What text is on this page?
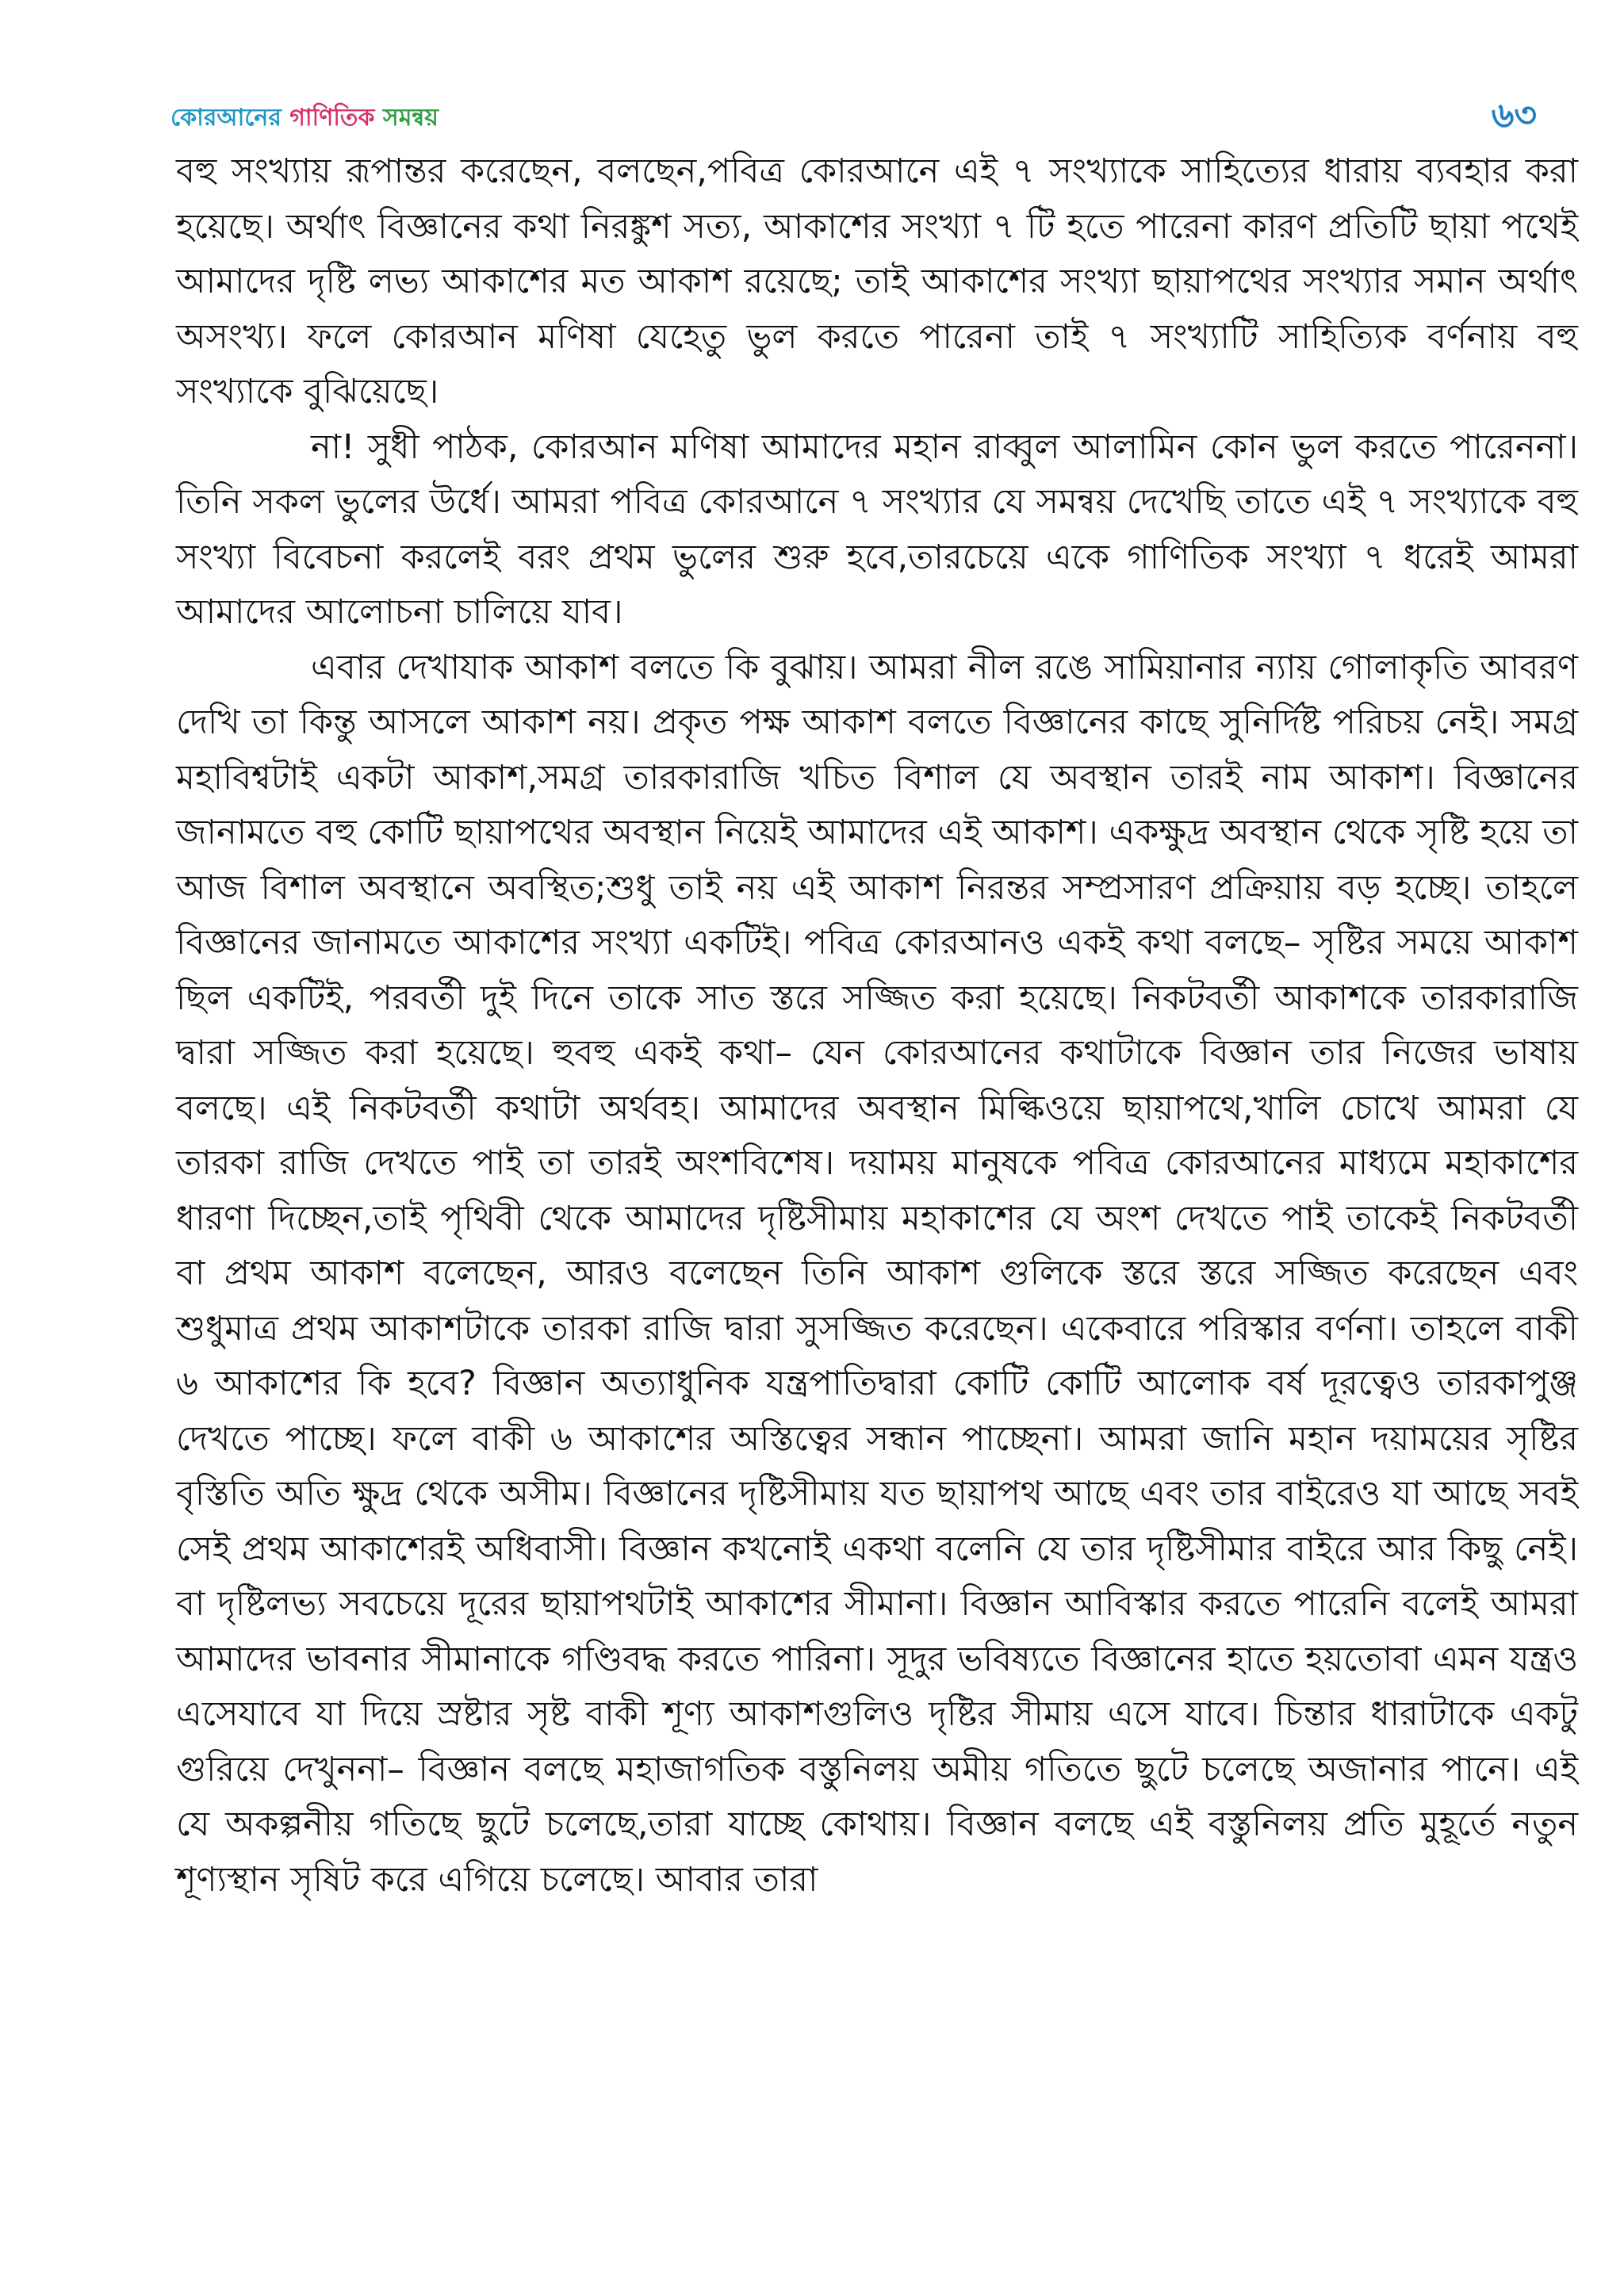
কোরআনের গাণিতিক সমন্বয়	৬৩

বহু সংখ্যায় রূপান্তর করেছেন, বলছেন,পবিত্র কোরআনে এই ৭ সংখ্যাকে সাহিত্যের ধারায় ব্যবহার করা হয়েছে। অর্থাৎ বিজ্ঞানের কথা নিরঙ্কুশ সত্য, আকাশের সংখ্যা ৭ টি হতে পারেনা কারণ প্রতিটি ছায়া পথেই আমাদের দৃষ্টি লভ্য আকাশের মত আকাশ রয়েছে; তাই আকাশের সংখ্যা ছায়াপথের সংখ্যার সমান অর্থাৎ অসংখ্য। ফলে কোরআন মণিষা যেহেতু ভুল করতে পারেনা তাই ৭ সংখ্যাটি সাহিত্যিক বর্ণনায় বহু সংখ্যাকে বুঝিয়েছে।

না! সুধী পাঠক, কোরআন মণিষা আমাদের মহান রাব্বুল আলামিন কোন ভুল করতে পারেননা। তিনি সকল ভুলের উর্ধে। আমরা পবিত্র কোরআনে ৭ সংখ্যার যে সমন্বয় দেখেছি তাতে এই ৭ সংখ্যাকে বহু সংখ্যা বিবেচনা করলেই বরং প্রথম ভুলের শুরু হবে,তারচেয়ে একে গাণিতিক সংখ্যা ৭ ধরেই আমরা আমাদের আলোচনা চালিয়ে যাব।

এবার দেখাযাক আকাশ বলতে কি বুঝায়। আমরা নীল রঙে সামিয়ানার ন্যায় গোলাকৃতি আবরণ দেখি তা কিন্তু আসলে আকাশ নয়। প্রকৃত পক্ষ আকাশ বলতে বিজ্ঞানের কাছে সুনির্দিষ্ট পরিচয় নেই। সমগ্র মহাবিশ্বটাই একটা আকাশ,সমগ্র তারকারাজি খচিত বিশাল যে অবস্থান তারই নাম আকাশ। বিজ্ঞানের জানামতে বহু কোটি ছায়াপথের অবস্থান নিয়েই আমাদের এই আকাশ। একক্ষুদ্র ‌অবস্থান থেকে সৃষ্টি হয়ে তা আজ বিশাল অবস্থানে অবস্থিত;শুধু তাই নয় এই আকাশ নিরন্তর সম্প্রসারণ প্রক্রিয়ায় বড় হচ্ছে। তাহলে বিজ্ঞানের জানামতে আকাশের সংখ্যা একটিই। পবিত্র কোরআনও একই কথা বলছে– সৃষ্টির সময়ে আকাশ ছিল একটিই, পরবর্তী দুই দিনে তাকে সাত স্তরে সজ্জিত করা হয়েছে। নিকটবর্তী আকাশকে তারকারাজি দ্বারা সজ্জিত করা হয়েছে। হুবহু একই কথা– যেন কোরআনের কথাটাকে বিজ্ঞান তার নিজের ভাষায় বলছে। এই নিকটবর্তী কথাটা অর্থবহ। আমাদের অবস্থান মিল্কিওয়ে ছায়াপথে,খালি চোখে আমরা যে তারকা রাজি দেখতে পাই তা তারই অংশবিশেষ। দয়াময় মানুষকে পবিত্র কোরআনের মাধ্যমে মহাকাশের ধারণা দিচ্ছেন,তাই পৃথিবী থেকে আমাদের দৃষ্টিসীমায় মহাকাশের যে অংশ দেখতে পাই তাকেই নিকটবর্তী বা প্রথম আকাশ বলেছেন, আরও বলেছেন তিনি আকাশ গুলিকে স্তরে স্তরে সজ্জিত করেছেন এবং শুধুমাত্র প্রথম আকাশটাকে তারকা রাজি দ্বারা সুসজ্জিত করেছেন। একেবারে পরিস্কার বর্ণনা। তাহলে বাকী ৬ আকাশের কি হবে? বিজ্ঞান অত্যাধুনিক যন্ত্রপাতিদ্বারা কোটি কোটি আলোক বর্ষ দূরত্বেও তারকাপুঞ্জ দেখতে পাচ্ছে। ফলে বাকী ৬ আকাশের অস্তিত্বের সন্ধান পাচ্ছেনা। আমরা জানি মহান দয়াময়ের সৃষ্টির বৃস্তিতি অতি ক্ষুদ্র থেকে অসীম। বিজ্ঞানের দৃষ্টিসীমায় যত ছায়াপথ আছে এবং তার বাইরেও যা আছে সবই সেই প্রথম আকাশেরই অধিবাসী। বিজ্ঞান কখনোই একথা বলেনি যে তার দৃষ্টিসীমার বাইরে আর কিছু নেই। বা দৃষ্টিলভ্য সবচেয়ে দূরের ছায়াপথটাই আকাশের সীমানা। বিজ্ঞান আবিস্কার করতে পারেনি বলেই আমরা আমাদের ভাবনার সীমানাকে গণ্ডিবদ্ধ করতে পারিনা। সূদুর ভবিষ্যতে বিজ্ঞানের হাতে হয়তোবা এমন যন্ত্রও এসেযাবে যা দিয়ে স্রষ্টার সৃষ্ট বাকী শূণ্য আকাশগুলিও দৃষ্টির সীমায় এসে যাবে। চিন্তার ধারাটাকে একটু গুরিয়ে দেখুননা– বিজ্ঞান বলছে মহাজাগতিক বস্তুনিলয় অমীয় গতিতে ছুটে চলেছে অজানার পানে। এই যে অকল্পনীয় গতিছে ছুটে চলেছে,তারা যাচ্ছে কোথায়। বিজ্ঞান বলছে এই বস্তুনিলয় প্রতি মুহূর্তে নতুন শূণ্যস্থান সৃষিট করে এগিয়ে চলেছে। আবার তারা
